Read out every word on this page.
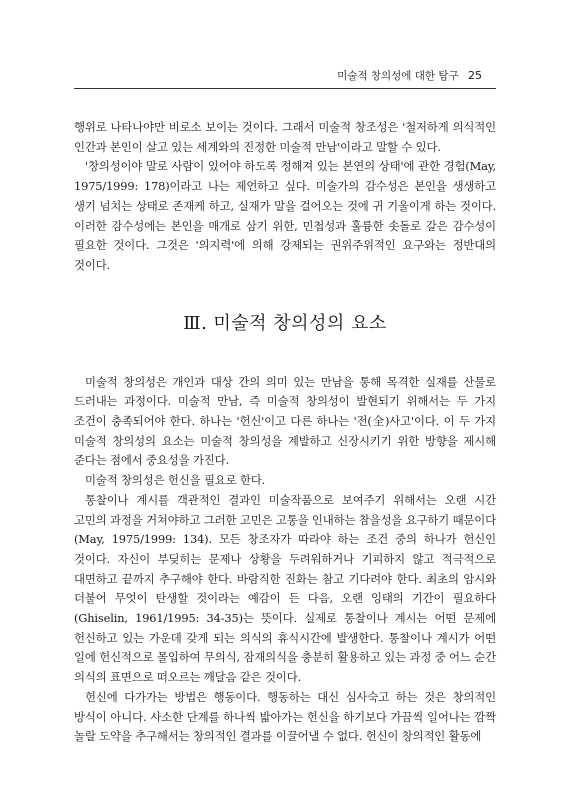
미술적 창의성에 대한 탐구 25

행위로 나타나야만 비로소 보이는 것이다. 그래서 미술적 창조성은 '철저하게 의식적인 인간과 본인이 살고 있는 세계와의 진정한 미술적 만남'이라고 말할 수 있다.

'창의성이야 말로 사람이 있어야 하도록 정해져 있는 본연의 상태'에 관한 경험(May, 1975/1999: 178)이라고 나는 제언하고 싶다. 미술가의 감수성은 본인을 생생하고 생기 넘치는 상태로 존재케 하고, 실재가 말을 걸어오는 것에 귀 기울이게 하는 것이다. 이러한 감수성에는 본인을 매개로 삼기 위한, 민첩성과 훌륭한 솟돌로 갈은 감수성이 필요한 것이다. 그것은 '의지력'에 의해 강제되는 권위주위적인 요구와는 정반대의 것이다.

Ⅲ. 미술적 창의성의 요소

미술적 창의성은 개인과 대상 간의 의미 있는 만남을 통해 목격한 실재를 산물로 드러내는 과정이다. 미술적 만남, 즉 미술적 창의성이 발현되기 위해서는 두 가지 조건이 충족되어야 한다. 하나는 '헌신'이고 다른 하나는 '전(全)사고'이다. 이 두 가지 미술적 창의성의 요소는 미술적 창의성을 계발하고 신장시키기 위한 방향을 제시해 준다는 점에서 중요성을 가진다.

미술적 창의성은 헌신을 필요로 한다.

통찰이나 계시를 객관적인 결과인 미술작품으로 보여주기 위해서는 오랜 시간 고민의 과정을 거쳐야하고 그러한 고민은 고통을 인내하는 참을성을 요구하기 때문이다(May, 1975/1999: 134). 모든 창조자가 따라야 하는 조건 중의 하나가 헌신인 것이다. 자신이 부딪히는 문제나 상황을 두려워하거나 기피하지 않고 적극적으로 대면하고 끝까지 추구해야 한다. 바람직한 진화는 참고 기다려야 한다. 최초의 암시와 더불어 무엇이 탄생할 것이라는 예감이 든 다음, 오랜 잉태의 기간이 필요하다(Ghiselin, 1961/1995: 34-35)는 뜻이다. 실제로 통찰이나 계시는 어떤 문제에 헌신하고 있는 가운데 갖게 되는 의식의 휴식시간에 발생한다. 통찰이나 계시가 어떤 일에 헌신적으로 몰입하여 무의식, 잠재의식을 충분히 활용하고 있는 과정 중 어느 순간 의식의 표면으로 떠오르는 깨달음 같은 것이다.

헌신에 다가가는 방법은 행동이다. 행동하는 대신 심사숙고 하는 것은 창의적인 방식이 아니다. 사소한 단계를 하나씩 밟아가는 헌신을 하기보다 가끔씩 일어나는 깜짝 놀랄 도약을 추구해서는 창의적인 결과를 이끌어낼 수 없다. 헌신이 창의적인 활동에
